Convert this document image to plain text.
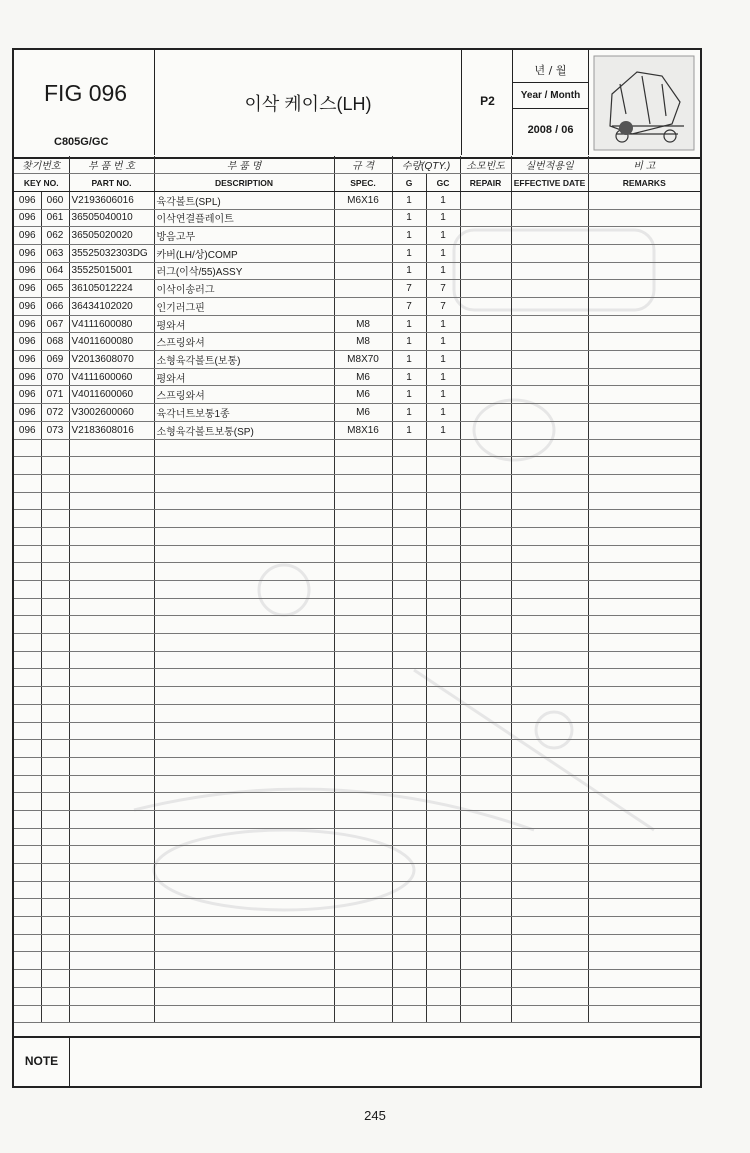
FIG 096
C805G/GC
이삭 케이스(LH)	P2
년 / 월
Year / Month
2008 / 06
찾기번호		부 품 번 호	부 품 명	규 격	수량(QTY.)		소모빈도	실번적용일	비 고
KEY NO.		PART NO.	DESCRIPTION	SPEC.	G	GC	REPAIR	EFFECTIVE DATE	REMARKS
096	060	V2193606016	육각볼트(SPL)	M6X16	1	1			
096	061	36505040010	이삭연결플레이트		1	1			
096	062	36505020020	방음고무		1	1			
096	063	35525032303DG	카버(LH/상)COMP		1	1			
096	064	35525015001	러그(이삭/55)ASSY		1	1			
096	065	36105012224	이삭이송러그		7	7			
096	066	36434102020	인기러그핀		7	7			
096	067	V4111600080	평와셔	M8	1	1			
096	068	V4011600080	스프링와셔	M8	1	1			
096	069	V2013608070	소형육각볼트(보통)	M8X70	1	1			
096	070	V4111600060	평와셔	M6	1	1			
096	071	V4011600060	스프링와셔	M6	1	1			
096	072	V3002600060	육각너트보통1종	M6	1	1			
096	073	V2183608016	소형육각볼트보통(SP)	M8X16	1	1			

NOTE
245
